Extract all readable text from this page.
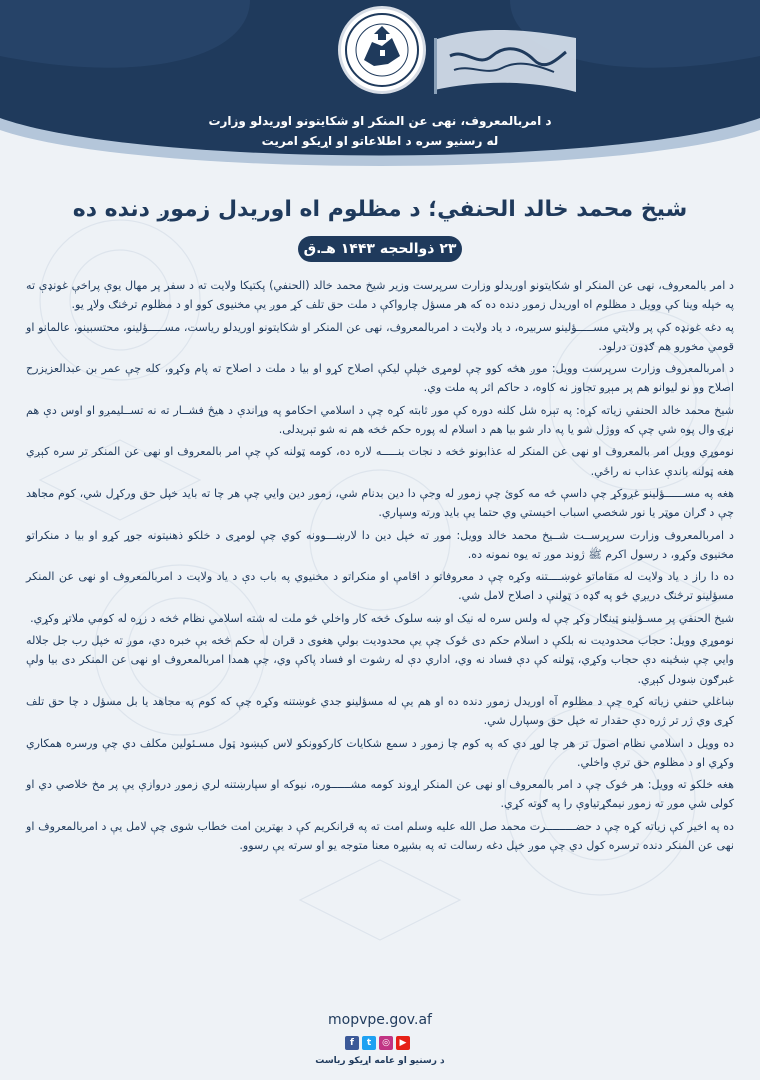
د امربالمعروف، نهی عن المنکر او شکایتونو اوریدلو وزارت
له رسنیو سره د اطلاعاتو او اړیکو امریت
شیخ محمد خالد الحنفي؛ د مظلوم اه اوریدل زموږ دنده ده
۲۳ ذوالحجه ۱۴۴۳ هـ.ق

د امر بالمعروف، نهی عن المنکر او شکایتونو اوریدلو وزارت سرپرست وزیر شیخ محمد خالد (الحنفي) پکتیکا ولایت ته د سفر پر مهال یوې پراخې غونډې ته په خپله وینا کې وویل د مظلوم اه اوریدل زموږ دنده ده که هر مسؤل چارواکې د ملت حق تلف کړ موږ یې مخنیوی کوو او د مظلوم ترڅنګ ولاړ یو.

په دغه غونډه کې پر ولایتي مســـــؤلینو سربیره، د یاد ولایت د امربالمعروف، نهی عن المنکر او شکایتونو اوریدلو ریاست، مســـــؤلینو، محتسبینو، عالمانو او قومي مخورو هم ګډون درلود.

د امربالمعروف وزارت سرپرست وویل: موږ هڅه کوو چې لومړی خپلې لیکې اصلاح کړو او بیا د ملت د اصلاح ته پام وکړو، کله چې عمر بن عبدالعزیزرح اصلاح وو نو لیوانو هم پر مېږو تجاوز نه کاوه، د حاکم اثر په ملت وي.

شیخ محمد خالد الحنفي زیاته کړه: په تېره شل کلنه دوره کې موږ ثابته کړه چې د اسلامي احکامو په وړاندې د هیڅ فشــار ته نه تســلیمږو او اوس دې هم نړۍ وال پوه شي چې که ووژل شو یا په دار شو بیا هم د اسلام له پوره حکم څخه هم نه شو تېریدلی.

نوموړي وویل امر بالمعروف او نهی عن المنکر له عذابونو څخه د نجات بنـــــه لاره ده، کومه ټولنه کې چې امر بالمعروف او نهی عن المنکر تر سره کېږي هغه ټولنه باندې عذاب نه راځي.

هغه په مســــــؤلینو غږوکړ چې داسې څه مه کوئ چې زموږ له وجې دا دین بدنام شي، زموږ دین وایي چې هر چا ته باید خپل حق ورکړل شي، کوم مجاهد چې د ګران موټر یا نور شخصي اسباب اخیستي وي حتما یې باید ورته وسپاري.

د امربالمعروف وزارت سرپرســت شــیخ محمد خالد وویل: موږ ته خپل دین دا لارښـــوونه کوي چې لومړی د خلکو ذهنیتونه جوړ کړو او بیا د منکراتو مخنیوی وکړو، د رسول اکرم ﷺ ژوند موږ ته یوه نمونه ده.

ده دا راز د یاد ولایت له مقاماتو غوښــــتنه وکړه چې د معروفاتو د اقامې او منکراتو د مخنیوي په باب دې د یاد ولایت د امربالمعروف او نهی عن المنکر مسؤلینو ترڅنګ دریږي څو په ګډه د ټولنې د اصلاح لامل شي.

شیخ الحنفي پر مسـؤلینو ټینګار وکړ چې له ولس سره له نیک او ښه سلوک څخه کار واخلي څو ملت له شته اسلامي نظام څخه د زړه له کومي ملاتړ وکړي.

نوموړي وویل: حجاب محدودیت نه بلکې د اسلام حکم دی ځوک چې یې محدودیت بولي هغوی د قران له حکم څخه بې خبره دي، موږ ته خپل رب جل جلاله وایي چې ښځینه دې حجاب وکړي، ټولنه کې دې فساد نه وي، اداري دې له رشوت او فساد پاکې وي، چې همدا امربالمعروف او نهی عن المنکر دی بیا ولې غبرګون ښودل کېږي.

ښاغلي حنفي زیاته کړه چې د مظلوم آه اوریدل زموږ دنده ده او هم یې له مسؤلینو جدي غوښتنه وکړه چې که کوم په مجاهد یا بل مسؤل د چا حق تلف کړی وي ژر تر ژره دې حقدار ته خپل حق وسپارل شي.

ده وویل د اسلامي نظام اصول تر هر چا لوړ دي که په کوم چا زموږ د سمع شکایات کارکوونکو لاس کیښود ټول مسـئولین مکلف دي چې ورسره همکاري وکړي او د مظلوم حق ترې واخلي.

هغه خلکو ته وویل: هر څوک چې د امر بالمعروف او نهی عن المنکر اړوند کومه مشــــــوره، نیوکه او سپارښتنه لري زموږ دروازې یې پر مخ خلاصي دي او کولی شي موږ ته زموږ نیمګړتیاوې را په ګوته کړي.

ده په اخیر کې زیاته کړه چې د حضـــــــــرت محمد صل الله علیه وسلم امت ته په قرانکریم کې د بهترین امت خطاب شوی چې لامل یې د امربالمعروف او نهی عن المنکر دنده ترسره کول دي چې موږ خپل دغه رسالت ته په بشپړه معنا متوجه یو او سرته یې رسوو.

mopvpe.gov.af
f	t	◎	▶
د رسنیو او عامه اړیکو ریاست
